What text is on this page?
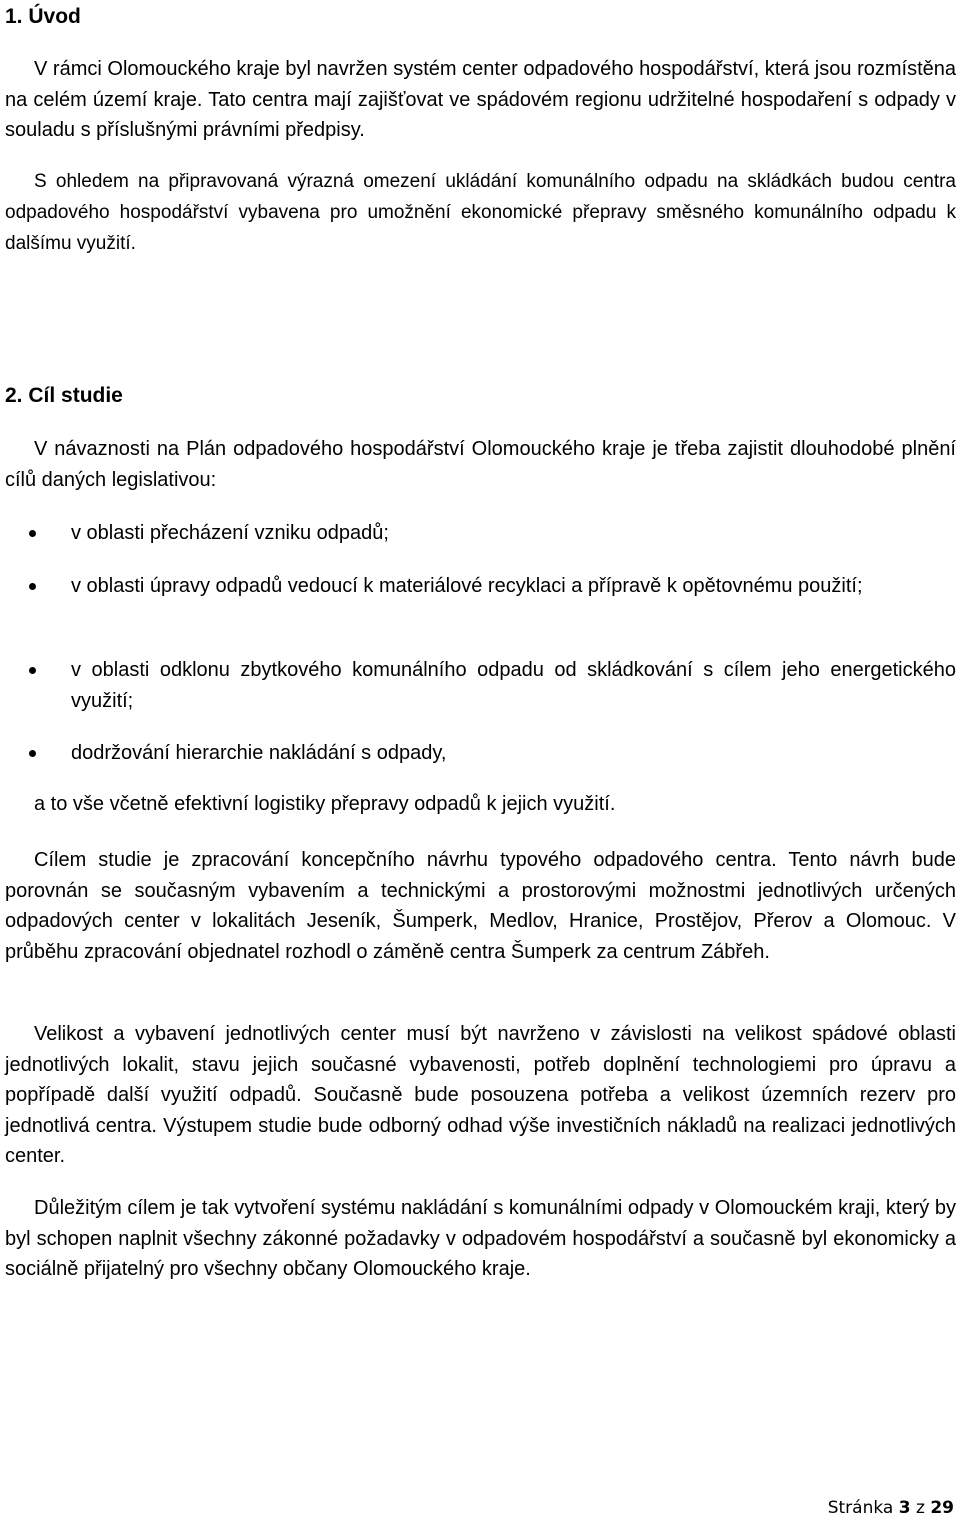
1. Úvod

V rámci Olomouckého kraje byl navržen systém center odpadového hospodářství, která jsou rozmístěna na celém území kraje. Tato centra mají zajišťovat ve spádovém regionu udržitelné hospodaření s odpady v souladu s příslušnými právními předpisy.

S ohledem na připravovaná výrazná omezení ukládání komunálního odpadu na skládkách budou centra odpadového hospodářství vybavena pro umožnění ekonomické přepravy směsného komunálního odpadu k dalšímu využití.

2. Cíl studie

V návaznosti na Plán odpadového hospodářství Olomouckého kraje je třeba zajistit dlouhodobé plnění cílů daných legislativou:

v oblasti přecházení vzniku odpadů;
v oblasti úpravy odpadů vedoucí k materiálové recyklaci a přípravě k opětovnému použití;
v oblasti odklonu zbytkového komunálního odpadu od skládkování s cílem jeho energetického využití;
dodržování hierarchie nakládání s odpady,

a to vše včetně efektivní logistiky přepravy odpadů k jejich využití.

Cílem studie je zpracování koncepčního návrhu typového odpadového centra. Tento návrh bude porovnán se současným vybavením a technickými a prostorovými možnostmi jednotlivých určených odpadových center v lokalitách Jeseník, Šumperk, Medlov, Hranice, Prostějov, Přerov a Olomouc. V průběhu zpracování objednatel rozhodl o záměně centra Šumperk za centrum Zábřeh.

Velikost a vybavení jednotlivých center musí být navrženo v závislosti na velikost spádové oblasti jednotlivých lokalit, stavu jejich současné vybavenosti, potřeb doplnění technologiemi pro úpravu a popřípadě další využití odpadů. Současně bude posouzena potřeba a velikost územních rezerv pro jednotlivá centra. Výstupem studie bude odborný odhad výše investičních nákladů na realizaci jednotlivých center.

Důležitým cílem je tak vytvoření systému nakládání s komunálními odpady v Olomouckém kraji, který by byl schopen naplnit všechny zákonné požadavky v odpadovém hospodářství a současně byl ekonomicky a sociálně přijatelný pro všechny občany Olomouckého kraje.

Stránka 3 z 29
